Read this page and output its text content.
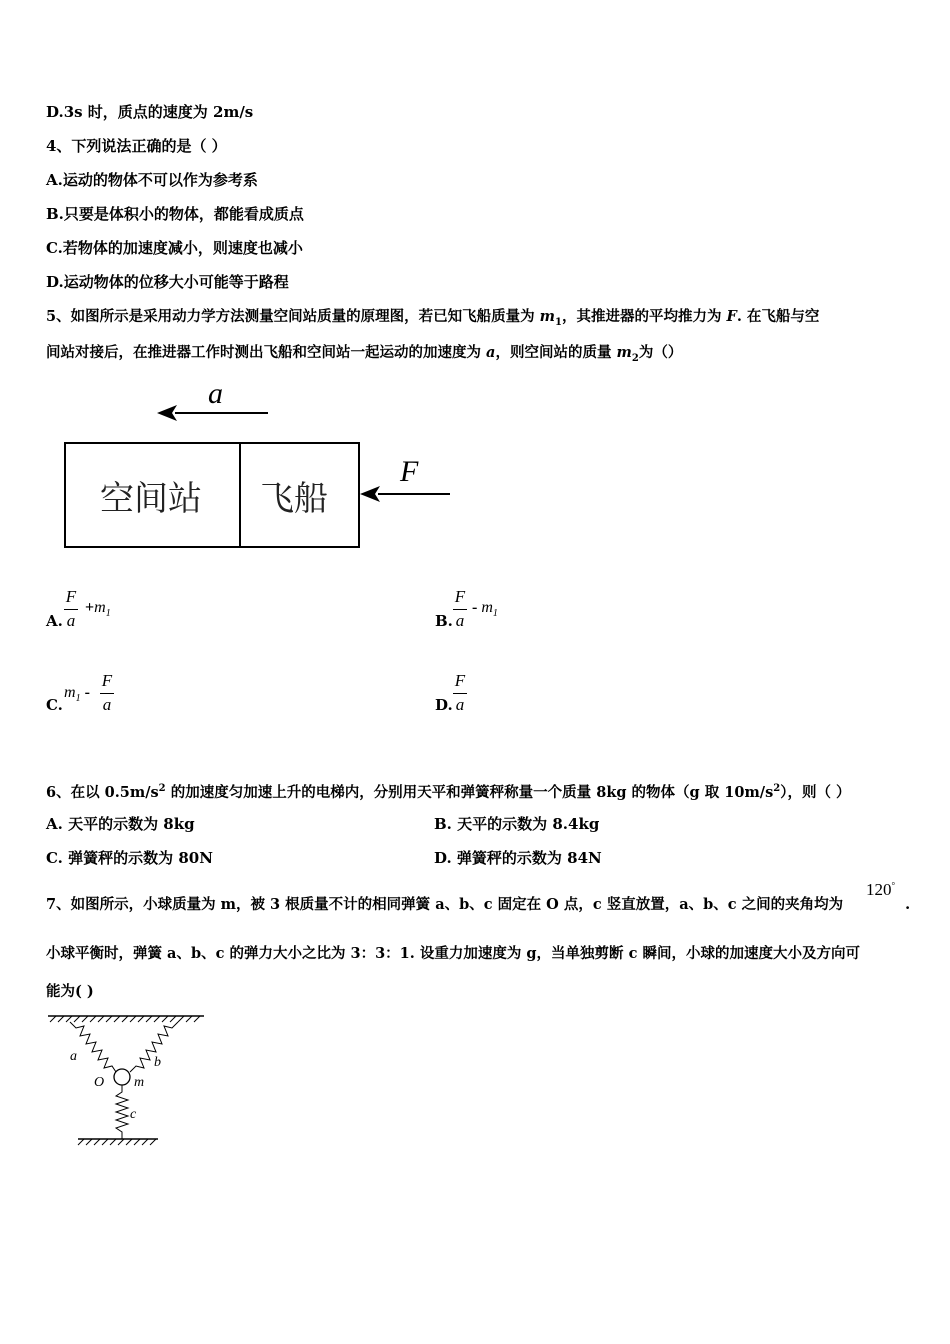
D.3s 时，质点的速度为 2m/s
4、下列说法正确的是（ ）
A.运动的物体不可以作为参考系
B.只要是体积小的物体，都能看成质点
C.若物体的加速度减小，则速度也减小
D.运动物体的位移大小可能等于路程
5、如图所示是采用动力学方法测量空间站质量的原理图，若已知飞船质量为 $m_1$，其推进器的平均推力为 F. 在飞船与空
间站对接后，在推进器工作时测出飞船和空间站一起运动的加速度为 a，则空间站的质量 $m_2$为（）
a
空间站 飞船
F
A.
F
a
$+m_1$	B.
F
a
- $m_1$
C.
$m_1$ -
F
a	D.
F
a
6、在以 $0.5m/s^2$ 的加速度匀加速上升的电梯内，分别用天平和弹簧秤称量一个质量 8kg 的物体（g 取 $10m/s^2$），则（ ）
A. 天平的示数为 8kg	B. 天平的示数为 8.4kg
C. 弹簧秤的示数为 80N	D. 弹簧秤的示数为 84N
7、如图所示，小球质量为 m，被 3 根质量不计的相同弹簧 a、b、c 固定在 O 点，c 竖直放置，a、b、c 之间的夹角均为
120°
.
小球平衡时，弹簧 a、b、c 的弹力大小之比为 3：3：1. 设重力加速度为 g，当单独剪断 c 瞬间，小球的加速度大小及方向可
能为( )
a	b
O m
c
